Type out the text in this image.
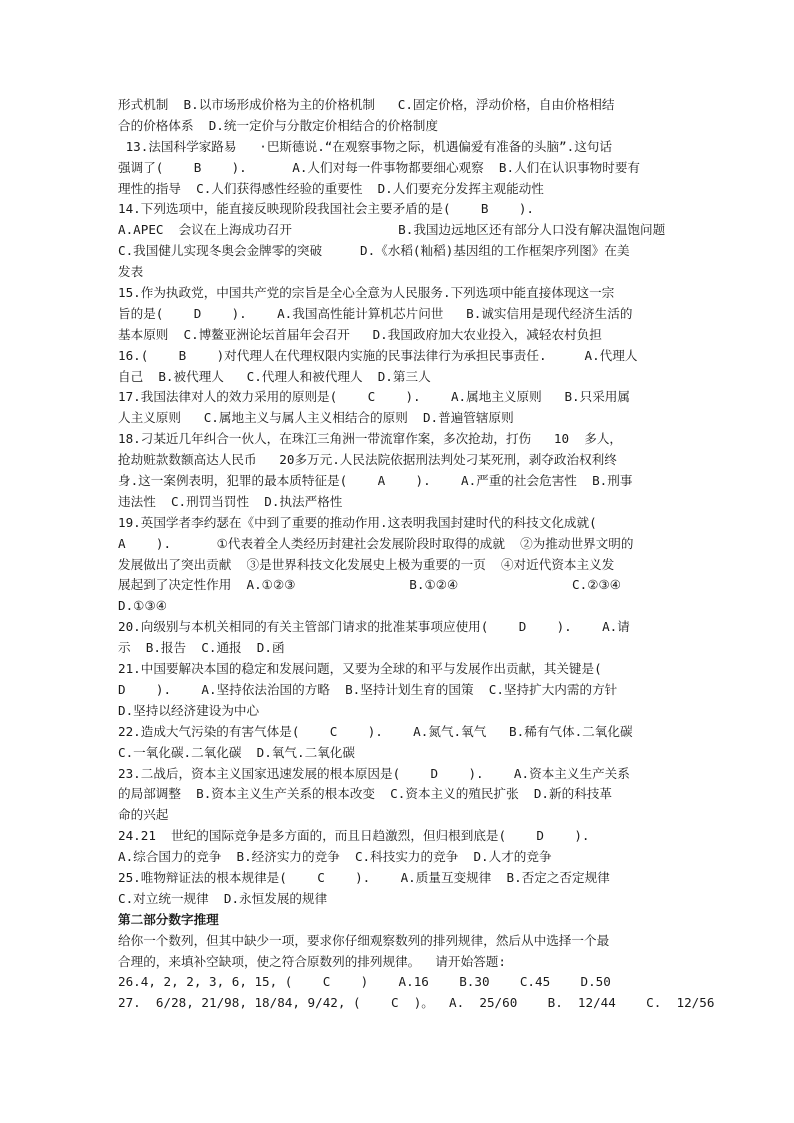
形式机制  B.以市场形成价格为主的价格机制   C.固定价格，浮动价格，自由价格相结
合的价格体系  D.统一定价与分散定价相结合的价格制度
13.法国科学家路易   ·巴斯德说.“在观察事物之际，机遇偏爱有准备的头脑”.这句话
强调了(    B    ).      A.人们对每一件事物都要细心观察  B.人们在认识事物时要有
理性的指导  C.人们获得感性经验的重要性  D.人们要充分发挥主观能动性
14.下列选项中，能直接反映现阶段我国社会主要矛盾的是(    B    ).
A.APEC  会议在上海成功召开              B.我国边远地区还有部分人口没有解决温饱问题
C.我国健儿实现冬奥会金牌零的突破     D.《水稻(籼稻)基因组的工作框架序列图》在美
发表
15.作为执政党，中国共产党的宗旨是全心全意为人民服务.下列选项中能直接体现这一宗
旨的是(    D    ).    A.我国高性能计算机芯片问世   B.诚实信用是现代经济生活的
基本原则  C.博鳌亚洲论坛首届年会召开   D.我国政府加大农业投入，减轻农村负担
16.(    B    )对代理人在代理权限内实施的民事法律行为承担民事责任.     A.代理人
自己  B.被代理人   C.代理人和被代理人  D.第三人
17.我国法律对人的效力采用的原则是(    C    ).    A.属地主义原则   B.只采用属
人主义原则   C.属地主义与属人主义相结合的原则  D.普遍管辖原则
18.刁某近几年纠合一伙人，在珠江三角洲一带流窜作案，多次抢劫，打伤   10  多人，
抢劫赃款数额高达人民币   20多万元.人民法院依据刑法判处刁某死刑，剥夺政治权利终
身.这一案例表明，犯罪的最本质特征是(    A    ).    A.严重的社会危害性  B.刑事
违法性  C.刑罚当罚性  D.执法严格性
19.英国学者李约瑟在《中到了重要的推动作用.这表明我国封建时代的科技文化成就(
A    ).      ①代表着全人类经历封建社会发展阶段时取得的成就  ②为推动世界文明的
发展做出了突出贡献  ③是世界科技文化发展史上极为重要的一页  ④对近代资本主义发
展起到了决定性作用  A.①②③               B.①②④               C.②③④
D.①③④
20.向级别与本机关相同的有关主管部门请求的批准某事项应使用(    D    ).    A.请
示  B.报告  C.通报  D.函
21.中国要解决本国的稳定和发展问题，又要为全球的和平与发展作出贡献，其关键是(
D    ).    A.坚持依法治国的方略  B.坚持计划生育的国策  C.坚持扩大内需的方针
D.坚持以经济建设为中心
22.造成大气污染的有害气体是(    C    ).    A.氮气.氧气   B.稀有气体.二氧化碳
C.一氧化碳.二氧化碳  D.氧气.二氧化碳
23.二战后，资本主义国家迅速发展的根本原因是(    D    ).    A.资本主义生产关系
的局部调整  B.资本主义生产关系的根本改变  C.资本主义的殖民扩张  D.新的科技革
命的兴起
24.21  世纪的国际竞争是多方面的，而且日趋激烈，但归根到底是(    D    ).
A.综合国力的竞争  B.经济实力的竞争  C.科技实力的竞争  D.人才的竞争
25.唯物辩证法的根本规律是(    C    ).    A.质量互变规律  B.否定之否定规律
C.对立统一规律  D.永恒发展的规律
第二部分数字推理
给你一个数列，但其中缺少一项，要求你仔细观察数列的排列规律，然后从中选择一个最
合理的，来填补空缺项，使之符合原数列的排列规律。  请开始答题:
26.4, 2, 2, 3, 6, 15, (    C    )    A.16    B.30    C.45    D.50
27.  6/28, 21/98, 18/84, 9/42, (    C  )。  A.  25/60    B.  12/44    C.  12/56
